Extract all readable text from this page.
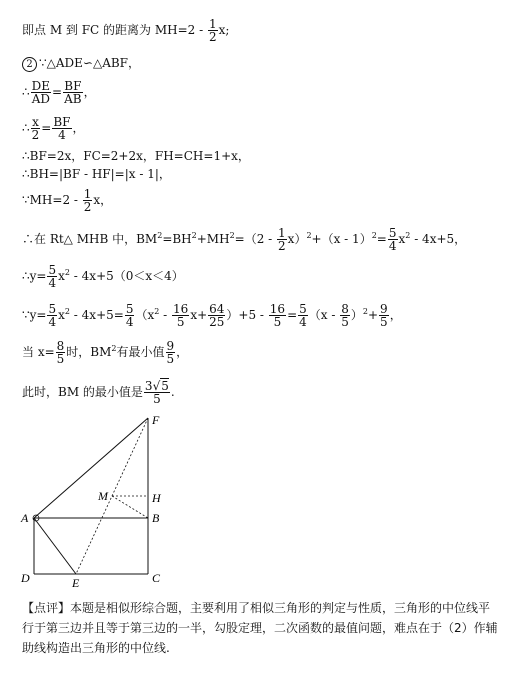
即点 M 到 FC 的距离为 $MH=2 - \frac{1}{2} x$;
2 ∵△ADE∽△ABF，
∴ $\frac{DE}{AD} = \frac{BF}{AB}$ ，
∴ $\frac{x}{2} = \frac{BF}{4}$ ，
∴BF=2x，FC=2+2x，FH=CH=1+x，
∴BH=|BF - HF|=|x - 1|，
∵MH=2 - $\frac{1}{2}$ x，
∴在 Rt△ MHB 中，$BM^2=BH^2+MH^2=(2 - \frac{1}{2} x)^2+(x - 1)^2= \frac{5}{4} x^2 - 4x+5$，
∴y= $\frac{5}{4} x^2 - 4x+5(0<x<4)$
∵y= $\frac{5}{4} x^2 - 4x+5= \frac{5}{4} (x^2 - \frac{16}{5} x+ \frac{64}{25} )+5 - \frac{16}{5} = \frac{5}{4} (x - \frac{8}{5} )^2+ \frac{9}{5}$ ，
当 $x= \frac{8}{5}$ 时，$BM^2$有最小值 $\frac{9}{5}$ ，
此时，BM 的最小值是 $\frac{3√5}{5}$ .
A	B
C
D	E
F
H
M
【点评】本题是相似形综合题，主要利用了相似三角形的判定与性质，三角形的中位线平行于第三边并且等于第三边的一半，勾股定理，二次函数的最值问题，难点在于（2）作辅助线构造出三角形的中位线.
